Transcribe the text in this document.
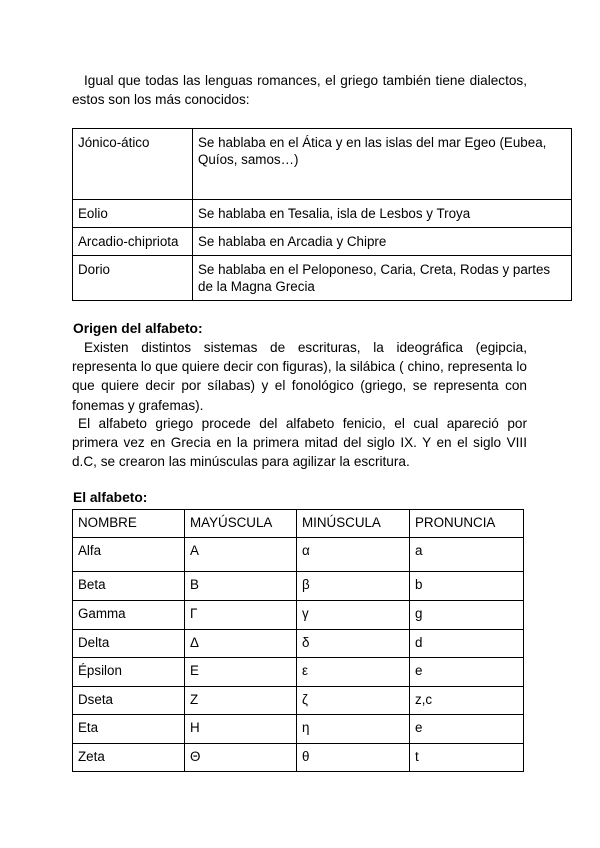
Igual que todas las lenguas romances, el griego también tiene dialectos, estos son los más conocidos:

Jónico-ático	Se hablaba en el Ática y en las islas del mar Egeo (Eubea, Quíos, samos…)
Eolio	Se hablaba en Tesalia, isla de Lesbos y Troya
Arcadio-chipriota	Se hablaba en Arcadia y Chipre
Dorio	Se hablaba en el Peloponeso, Caria, Creta, Rodas y partes de la Magna Grecia
Origen del alfabeto:

Existen distintos sistemas de escrituras, la ideográfica (egipcia, representa lo que quiere decir con figuras), la silábica ( chino, representa lo que quiere decir por sílabas) y el fonológico (griego, se representa con fonemas y grafemas).

El alfabeto griego procede del alfabeto fenicio, el cual apareció por primera vez en Grecia en la primera mitad del siglo IX. Y en el siglo VIII d.C, se crearon las minúsculas para agilizar la escritura.

El alfabeto:
NOMBRE	MAYÚSCULA	MINÚSCULA	PRONUNCIA
Alfa	Α	α	a
Beta	Β	β	b
Gamma	Γ	γ	g
Delta	Δ	δ	d
Épsilon	Ε	ε	e
Dseta	Ζ	ζ	z,c
Eta	Η	η	e
Zeta	Θ	θ	t
